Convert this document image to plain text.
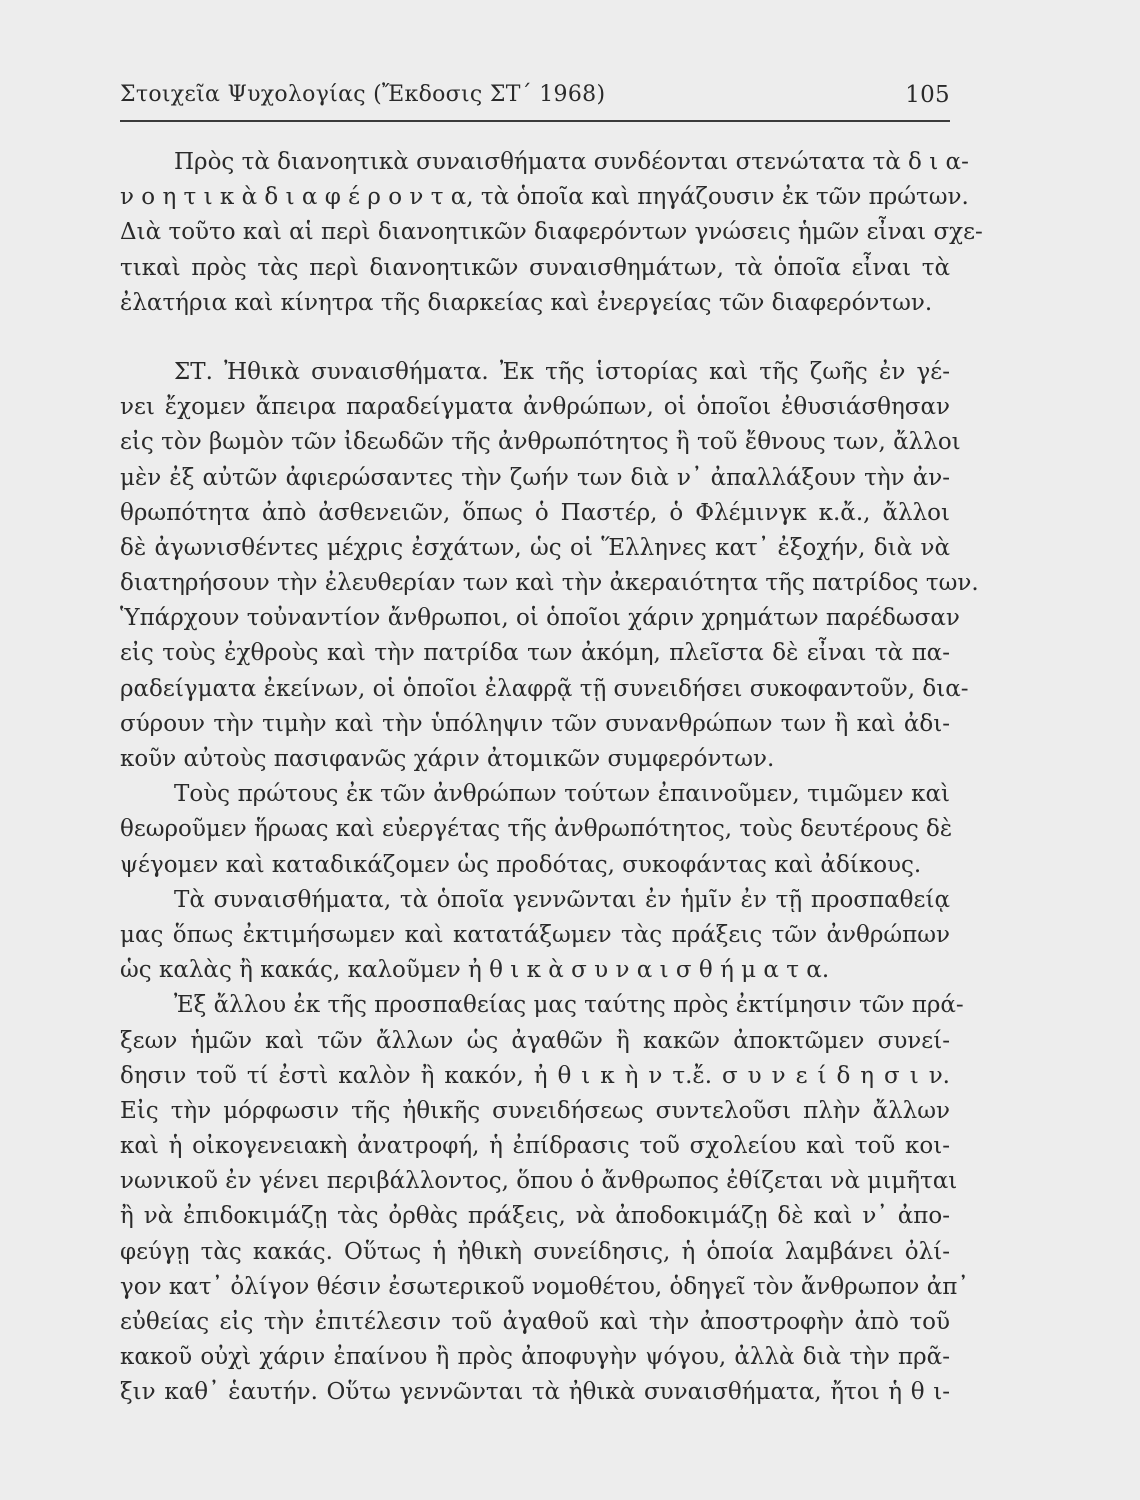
Στοιχεῖα Ψυχολογίας (Ἔκδοσις ΣΤ΄ 1968)	105
Πρὸς τὰ διανοητικὰ συναισθήματα συνδέονται στενώτατα τὰ δ ι α-
ν ο η τ ι κ ὰ δ ι α φ έ ρ ο ν τ α, τὰ ὁποῖα καὶ πηγάζουσιν ἐκ τῶν πρώτων.
Διὰ τοῦτο καὶ αἱ περὶ διανοητικῶν διαφερόντων γνώσεις ἡμῶν εἶναι σχε-
τικαὶ πρὸς τὰς περὶ διανοητικῶν συναισθημάτων, τὰ ὁποῖα εἶναι τὰ
ἐλατήρια καὶ κίνητρα τῆς διαρκείας καὶ ἐνεργείας τῶν διαφερόντων.
ΣΤ. Ἠθικὰ συναισθήματα. Ἐκ τῆς ἱστορίας καὶ τῆς ζωῆς ἐν γέ-
νει ἔχομεν ἄπειρα παραδείγματα ἀνθρώπων, οἱ ὁποῖοι ἐθυσιάσθησαν
εἰς τὸν βωμὸν τῶν ἰδεωδῶν τῆς ἀνθρωπότητος ἢ τοῦ ἔθνους των, ἄλλοι
μὲν ἐξ αὐτῶν ἀφιερώσαντες τὴν ζωήν των διὰ ν᾽ ἀπαλλάξουν τὴν ἀν-
θρωπότητα ἀπὸ ἀσθενειῶν, ὅπως ὁ Παστέρ, ὁ Φλέμινγκ κ.ἄ., ἄλλοι
δὲ ἀγωνισθέντες μέχρις ἐσχάτων, ὡς οἱ Ἕλληνες κατ᾽ ἐξοχήν, διὰ νὰ
διατηρήσουν τὴν ἐλευθερίαν των καὶ τὴν ἀκεραιότητα τῆς πατρίδος των.
Ὑπάρχουν τοὐναντίον ἄνθρωποι, οἱ ὁποῖοι χάριν χρημάτων παρέδωσαν
εἰς τοὺς ἐχθροὺς καὶ τὴν πατρίδα των ἀκόμη, πλεῖστα δὲ εἶναι τὰ πα-
ραδείγματα ἐκείνων, οἱ ὁποῖοι ἐλαφρᾷ τῇ συνειδήσει συκοφαντοῦν, δια-
σύρουν τὴν τιμὴν καὶ τὴν ὑπόληψιν τῶν συνανθρώπων των ἢ καὶ ἀδι-
κοῦν αὐτοὺς πασιφανῶς χάριν ἀτομικῶν συμφερόντων.
Τοὺς πρώτους ἐκ τῶν ἀνθρώπων τούτων ἐπαινοῦμεν, τιμῶμεν καὶ
θεωροῦμεν ἥρωας καὶ εὐεργέτας τῆς ἀνθρωπότητος, τοὺς δευτέρους δὲ
ψέγομεν καὶ καταδικάζομεν ὡς προδότας, συκοφάντας καὶ ἀδίκους.
Τὰ συναισθήματα, τὰ ὁποῖα γεννῶνται ἐν ἡμῖν ἐν τῇ προσπαθείᾳ
μας ὅπως ἐκτιμήσωμεν καὶ κατατάξωμεν τὰς πράξεις τῶν ἀνθρώπων
ὡς καλὰς ἢ κακάς, καλοῦμεν ἠ θ ι κ ὰ σ υ ν α ι σ θ ή μ α τ α.
Ἐξ ἄλλου ἐκ τῆς προσπαθείας μας ταύτης πρὸς ἐκτίμησιν τῶν πρά-
ξεων ἡμῶν καὶ τῶν ἄλλων ὡς ἀγαθῶν ἢ κακῶν ἀποκτῶμεν συνεί-
δησιν τοῦ τί ἐστὶ καλὸν ἢ κακόν, ἠ θ ι κ ὴ ν τ.ἔ. σ υ ν ε ί δ η σ ι ν.
Εἰς τὴν μόρφωσιν τῆς ἠθικῆς συνειδήσεως συντελοῦσι πλὴν ἄλλων
καὶ ἡ οἰκογενειακὴ ἀνατροφή, ἡ ἐπίδρασις τοῦ σχολείου καὶ τοῦ κοι-
νωνικοῦ ἐν γένει περιβάλλοντος, ὅπου ὁ ἄνθρωπος ἐθίζεται νὰ μιμῆται
ἢ νὰ ἐπιδοκιμάζῃ τὰς ὀρθὰς πράξεις, νὰ ἀποδοκιμάζῃ δὲ καὶ ν᾽ ἀπο-
φεύγῃ τὰς κακάς. Οὕτως ἡ ἠθικὴ συνείδησις, ἡ ὁποία λαμβάνει ὀλί-
γον κατ᾽ ὀλίγον θέσιν ἐσωτερικοῦ νομοθέτου, ὁδηγεῖ τὸν ἄνθρωπον ἀπ᾽
εὐθείας εἰς τὴν ἐπιτέλεσιν τοῦ ἀγαθοῦ καὶ τὴν ἀποστροφὴν ἀπὸ τοῦ
κακοῦ οὐχὶ χάριν ἐπαίνου ἢ πρὸς ἀποφυγὴν ψόγου, ἀλλὰ διὰ τὴν πρᾶ-
ξιν καθ᾽ ἑαυτήν. Οὕτω γεννῶνται τὰ ἠθικὰ συναισθήματα, ἤτοι ἡ θ ι-
